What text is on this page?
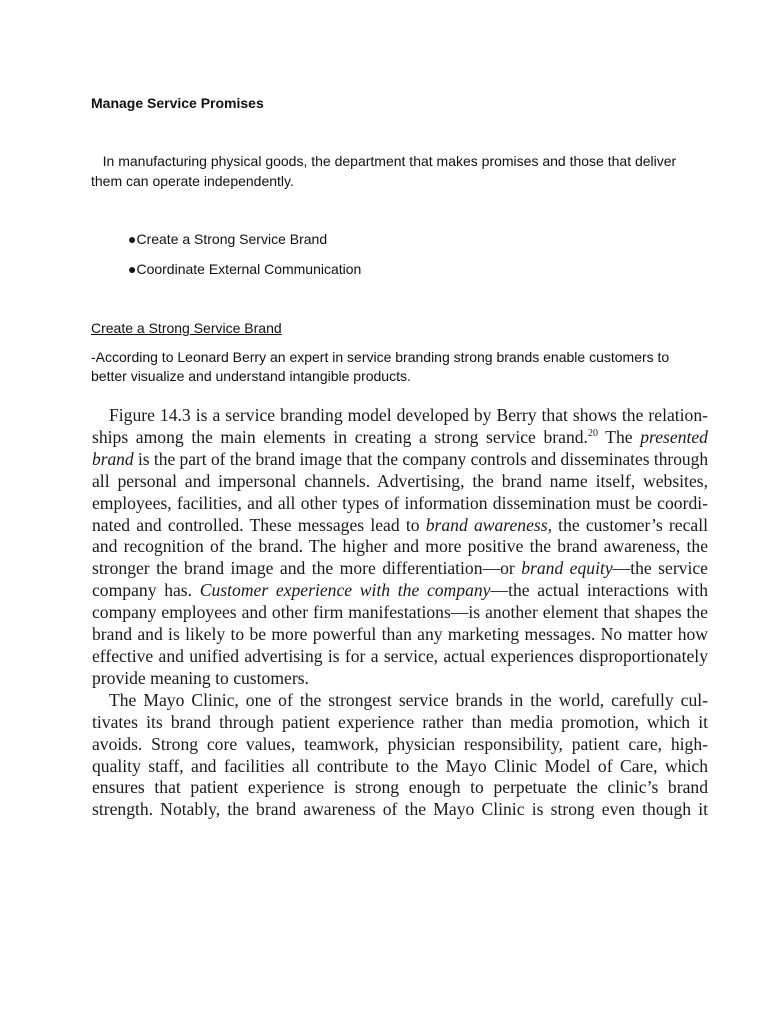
Manage Service Promises
In manufacturing physical goods, the department that makes promises and those that deliver them can operate independently.
●Create a Strong Service Brand
●Coordinate External Communication
Create a Strong Service Brand
-According to Leonard Berry an expert in service branding strong brands enable customers to better visualize and understand intangible products.

Figure 14.3 is a service branding model developed by Berry that shows the relation-
ships among the main elements in creating a strong service brand.$^{20}$ The presented
brand is the part of the brand image that the company controls and disseminates through
all personal and impersonal channels. Advertising, the brand name itself, websites,
employees, facilities, and all other types of information dissemination must be coordi-
nated and controlled. These messages lead to brand awareness, the customer’s recall
and recognition of the brand. The higher and more positive the brand awareness, the
stronger the brand image and the more differentiation—or brand equity—the service
company has. Customer experience with the company—the actual interactions with
company employees and other firm manifestations—is another element that shapes the
brand and is likely to be more powerful than any marketing messages. No matter how
effective and unified advertising is for a service, actual experiences disproportionately
provide meaning to customers.

The Mayo Clinic, one of the strongest service brands in the world, carefully cul-
tivates its brand through patient experience rather than media promotion, which it
avoids. Strong core values, teamwork, physician responsibility, patient care, high-
quality staff, and facilities all contribute to the Mayo Clinic Model of Care, which
ensures that patient experience is strong enough to perpetuate the clinic’s brand
strength. Notably, the brand awareness of the Mayo Clinic is strong even though it
